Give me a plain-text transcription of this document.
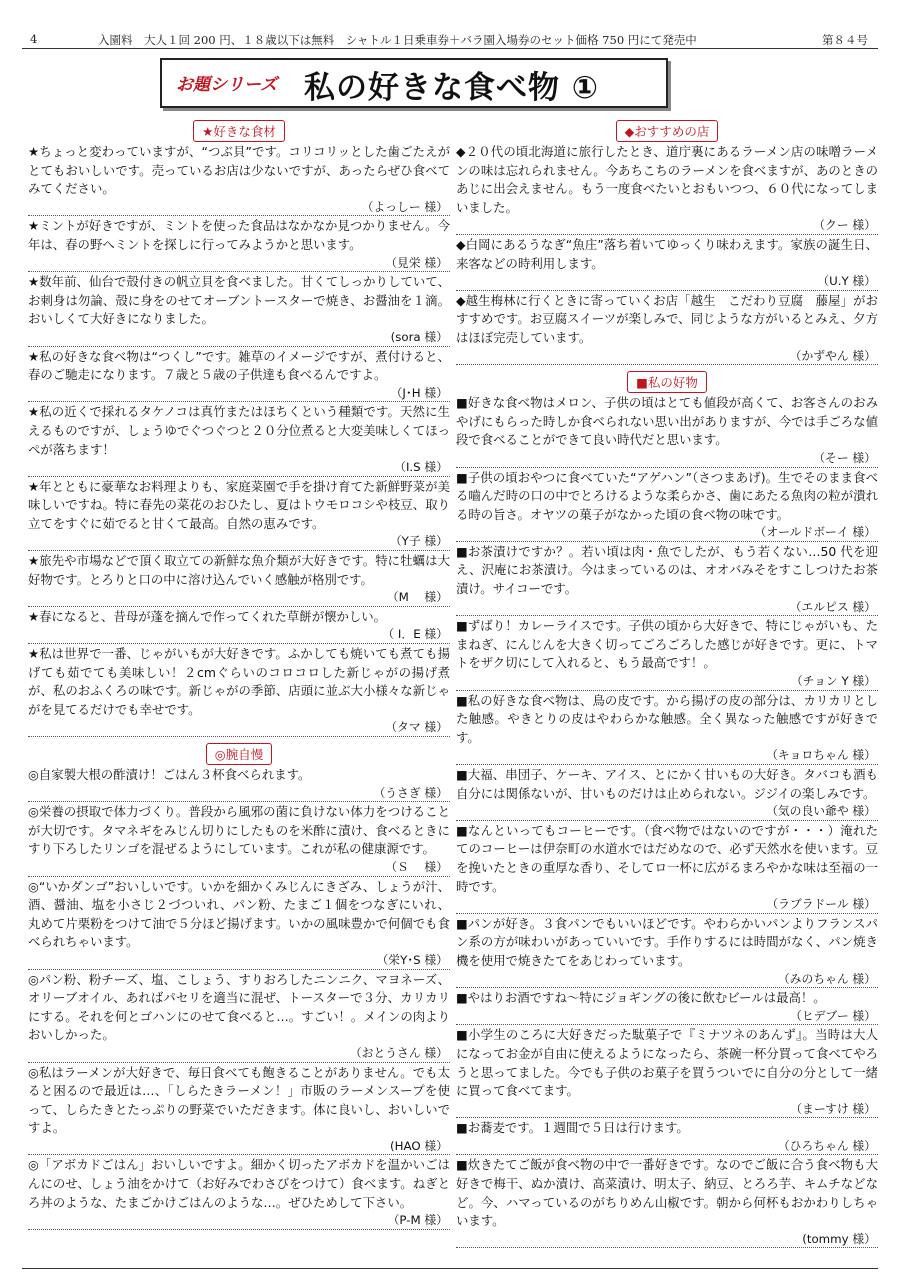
4	入園料　大人１回 200 円、１８歳以下は無料　シャトル１日乗車券＋バラ園入場券のセット価格 750 円にて発売中	第８４号
お題シリーズ 私の好きな食べ物 ①
★好きな食材
★ちょっと変わっていますが、“つぶ貝”です。コリコリッとした歯ごたえがとてもおいしいです。売っているお店は少ないですが、あったらぜひ食べてみてください。
（よっしー 様）
★ミントが好きですが、ミントを使った食品はなかなか見つかりません。今年は、春の野へミントを探しに行ってみようかと思います。
（見栄 様）
★数年前、仙台で殻付きの帆立貝を食べました。甘くてしっかりしていて、お刺身は勿論、殻に身をのせてオーブントースターで焼き、お醤油を１滴。おいしくて大好きになりました。
(sora 様）
★私の好きな食べ物は“つくし”です。雑草のイメージですが、煮付けると、春のご馳走になります。７歳と５歳の子供達も食べるんですよ。
（J･H 様）
★私の近くで採れるタケノコは真竹またはほちくという種類です。天然に生えるものですが、しょうゆでぐつぐつと２０分位煮ると大変美味しくてほっぺが落ちます！
（I.S 様）
★年とともに豪華なお料理よりも、家庭菜園で手を掛け育てた新鮮野菜が美味しいですね。特に春先の菜花のおひたし、夏はトウモロコシや枝豆、取り立てをすぐに茹でると甘くて最高。自然の恵みです。
（Y子 様）
★旅先や市場などで頂く取立ての新鮮な魚介類が大好きです。特に牡蠣は大好物です。とろりと口の中に溶け込んでいく感触が格別です。
（M　 様）
★春になると、昔母が蓬を摘んで作ってくれた草餅が懐かしい。
（ I．E 様）
★私は世界で一番、じゃがいもが大好きです。ふかしても焼いても煮ても揚げても茹でても美味しい！２cmぐらいのコロコロした新じゃがの揚げ煮が、私のおふくろの味です。新じゃがの季節、店頭に並ぶ大小様々な新じゃがを見てるだけでも幸せです。
（タマ 様）
◎腕自慢
◎自家製大根の酢漬け！ごはん３杯食べられます。
（うさぎ 様）
◎栄養の摂取で体力づくり。普段から風邪の菌に負けない体力をつけることが大切です。タマネギをみじん切りにしたものを米酢に漬け、食べるときにすり下ろしたリンゴを混ぜるようにしています。これが私の健康源です。
（Ｓ　 様）
◎“いかダンゴ”おいしいです。いかを細かくみじんにきざみ、しょうが汁、酒、醤油、塩を小さじ２づついれ、パン粉、たまご１個をつなぎにいれ、丸めて片栗粉をつけて油で５分ほど揚げます。いかの風味豊かで何個でも食べられちゃいます。
（栄Y･S 様）
◎パン粉、粉チーズ、塩、こしょう、すりおろしたニンニク、マヨネーズ、オリーブオイル、あればパセリを適当に混ぜ、トースターで３分、カリカリにする。それを何とゴハンにのせて食べると…。すごい！。メインの肉よりおいしかった。
（おとうさん 様）
◎私はラーメンが大好きで、毎日食べても飽きることがありません。でも太ると困るので最近は…、「しらたきラーメン！」市販のラーメンスープを使って、しらたきとたっぷりの野菜でいただきます。体に良いし、おいしいですよ。
(HAO 様）
◎「アボカドごはん」おいしいですよ。細かく切ったアボカドを温かいごはんにのせ、しょう油をかけて（お好みでわさびをつけて）食べます。ねぎとろ丼のような、たまごかけごはんのような…。ぜひためして下さい。
（P-M 様）
◆おすすめの店
◆２０代の頃北海道に旅行したとき、道庁裏にあるラーメン店の味噌ラーメンの味は忘れられません。今あちこちのラーメンを食べますが、あのときのあじに出会えません。もう一度食べたいとおもいつつ、６０代になってしまいました。
（クー 様）
◆白岡にあるうなぎ“魚庄”落ち着いてゆっくり味わえます。家族の誕生日、来客などの時利用します。
（U.Y 様）
◆越生梅林に行くときに寄っていくお店「越生　こだわり豆腐　藤屋」がおすすめです。お豆腐スイーツが楽しみで、同じような方がいるとみえ、夕方はほぼ完売しています。
（かずやん 様）
■私の好物
■好きな食べ物はメロン、子供の頃はとても値段が高くて、お客さんのおみやげにもらった時しか食べられない思い出がありますが、今では手ごろな値段で食べることができて良い時代だと思います。
（そー 様）
■子供の頃おやつに食べていた“アゲハン”（さつまあげ)。生でそのまま食べる嚙んだ時の口の中でとろけるような柔らかさ、歯にあたる魚肉の粒が潰れる時の旨さ。オヤツの菓子がなかった頃の食べ物の味です。
（オールドボーイ 様）
■お茶漬けですか？。若い頃は肉・魚でしたが、もう若くない…50 代を迎え、沢庵にお茶漬け。今はまっているのは、オオバみそをすこしつけたお茶漬け。サイコーです。
（エルピス 様）
■ずばり！カレーライスです。子供の頃から大好きで、特にじゃがいも、たまねぎ、にんじんを大きく切ってごろごろした感じが好きです。更に、トマトをザク切にして入れると、もう最高です！。
（チョン Y 様）
■私の好きな食べ物は、鳥の皮です。から揚げの皮の部分は、カリカリとした触感。やきとりの皮はやわらかな触感。全く異なった触感ですが好きです。
（キョロちゃん 様）
■大福、串団子、ケーキ、アイス、とにかく甘いもの大好き。タバコも酒も自分には関係ないが、甘いものだけは止められない。ジジイの楽しみです。
（気の良い爺や 様）
■なんといってもコーヒーです。（食べ物ではないのですが・・・）淹れたてのコーヒーは伊奈町の水道水ではだめなので、必ず天然水を使います。豆を挽いたときの重厚な香り、そしてロ一杯に広がるまろやかな味は至福の一時です。
（ラブラドール 様）
■パンが好き。３食パンでもいいほどです。やわらかいパンよりフランスパン系の方が味わいがあっていいです。手作りするには時間がなく、パン焼き機を使用で焼きたてをあじわっています。
（みのちゃん 様）
■やはりお酒ですね～特にジョギングの後に飲むビールは最高！。
（ヒデブー 様）
■小学生のころに大好きだった駄菓子で『ミナツネのあんず』。当時は大人になってお金が自由に使えるようになったら、茶碗一杯分買って食べてやろうと思ってました。今でも子供のお菓子を買うついでに自分の分として一緒に買って食べてます。
（まーすけ 様）
■お蕎麦です。１週間で５日は行けます。
（ひろちゃん 様）
■炊きたてご飯が食べ物の中で一番好きです。なのでご飯に合う食べ物も大好きで梅干、ぬか漬け、高菜漬け、明太子、納豆、とろろ芋、キムチなどなど。今、ハマっているのがちりめん山椒です。朝から何杯もおかわりしちゃいます。
(tommy 様）
